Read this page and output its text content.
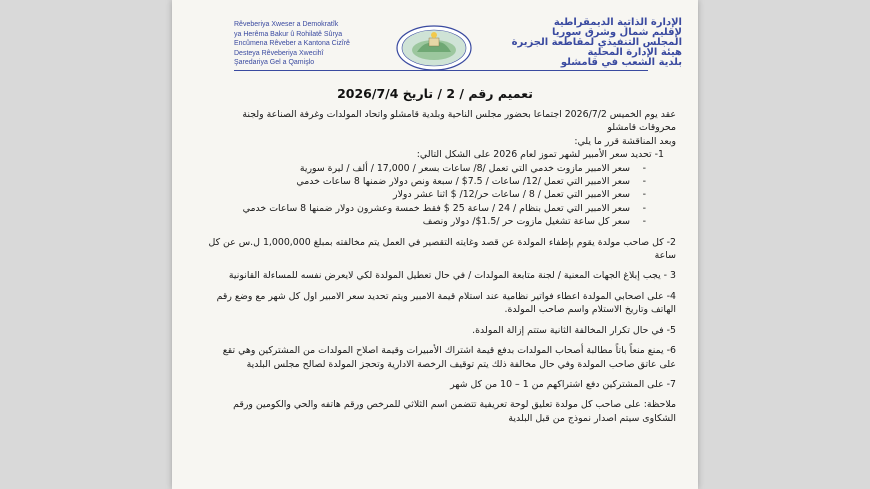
Rêveberiya Xweser a Demokratîk
ya Herêma Bakur û Rohilatê Sûrya
Encûmena Rêveber a Kantona Cizîrê
Desteya Rêveberiya Xwecihî
Şaredariya Gel a Qamişlo
الإدارة الذاتية الديمقراطية
لإقليم شمال وشرق سوريا
المجلس التنفيذي لمقاطعة الجزيرة
هيئة الإدارة المحلية
بلدية الشعب في قامشلو
تعميم رقم / 2 / تاريخ 2026/7/4

عقد يوم الخميس 2026/7/2 اجتماعا بحضور مجلس الناحية وبلدية قامشلو واتحاد المولدات وغرفة الصناعة ولجنة

محروقات قامشلو

وبعد المناقشة قرر ما يلي:

1- تحديد سعر الأمبير لشهر تموز لعام 2026 على الشكل التالي:

- سعر الامبير مازوت خدمي التي تعمل /8/ ساعات بسعر / 17,000 / ألف / ليرة سورية

- سعر الامبير التي تعمل /12/ ساعات / 7.5$ / سبعة ونص دولار ضمنها 8 ساعات خدمي

- سعر الامبير التي تعمل / 8 / ساعات حر/12/ $ اثنا عشر دولار

- سعر الامبير التي تعمل بنظام / 24 / ساعة 25 $ فقط خمسة وعشرون دولار ضمنها 8 ساعات خدمي

- سعر كل ساعة تشغيل مازوت حر /1.5$/ دولار ونصف

2- كل صاحب مولدة يقوم بإطفاء المولدة عن قصد وغايته التقصير في العمل يتم مخالفته بمبلغ 1,000,000 ل.س عن كل

ساعة

3 - يجب إبلاغ الجهات المعنية / لجنة متابعة المولدات / في حال تعطيل المولدة لكي لايعرض نفسه للمساءلة القانونية

4- على اصحابي المولدة اعطاء فواتير نظامية عند استلام قيمة الامبير ويتم تحديد سعر الامبير اول كل شهر مع وضع رقم

الهاتف وتاريخ الاستلام واسم صاحب المولدة.

5- في حال تكرار المخالفة الثانية ستتم إزالة المولدة.

6- يمنع منعاً باتاً مطالبة أصحاب المولدات بدفع قيمة اشتراك الأمبيرات وقيمة اصلاح المولدات من المشتركين وهي تقع

على عاتق صاحب المولدة وفي حال مخالفة ذلك يتم توقيف الرخصة الادارية وتحجز المولدة لصالح مجلس البلدية

7- على المشتركين دفع اشتراكهم من 1 – 10 من كل شهر

ملاحظة: على صاحب كل مولدة تعليق لوحة تعريفية تتضمن اسم الثلاثي للمرخص ورقم هاتفه والحي والكومين ورقم

الشكاوى سيتم اصدار نموذج من قبل البلدية
